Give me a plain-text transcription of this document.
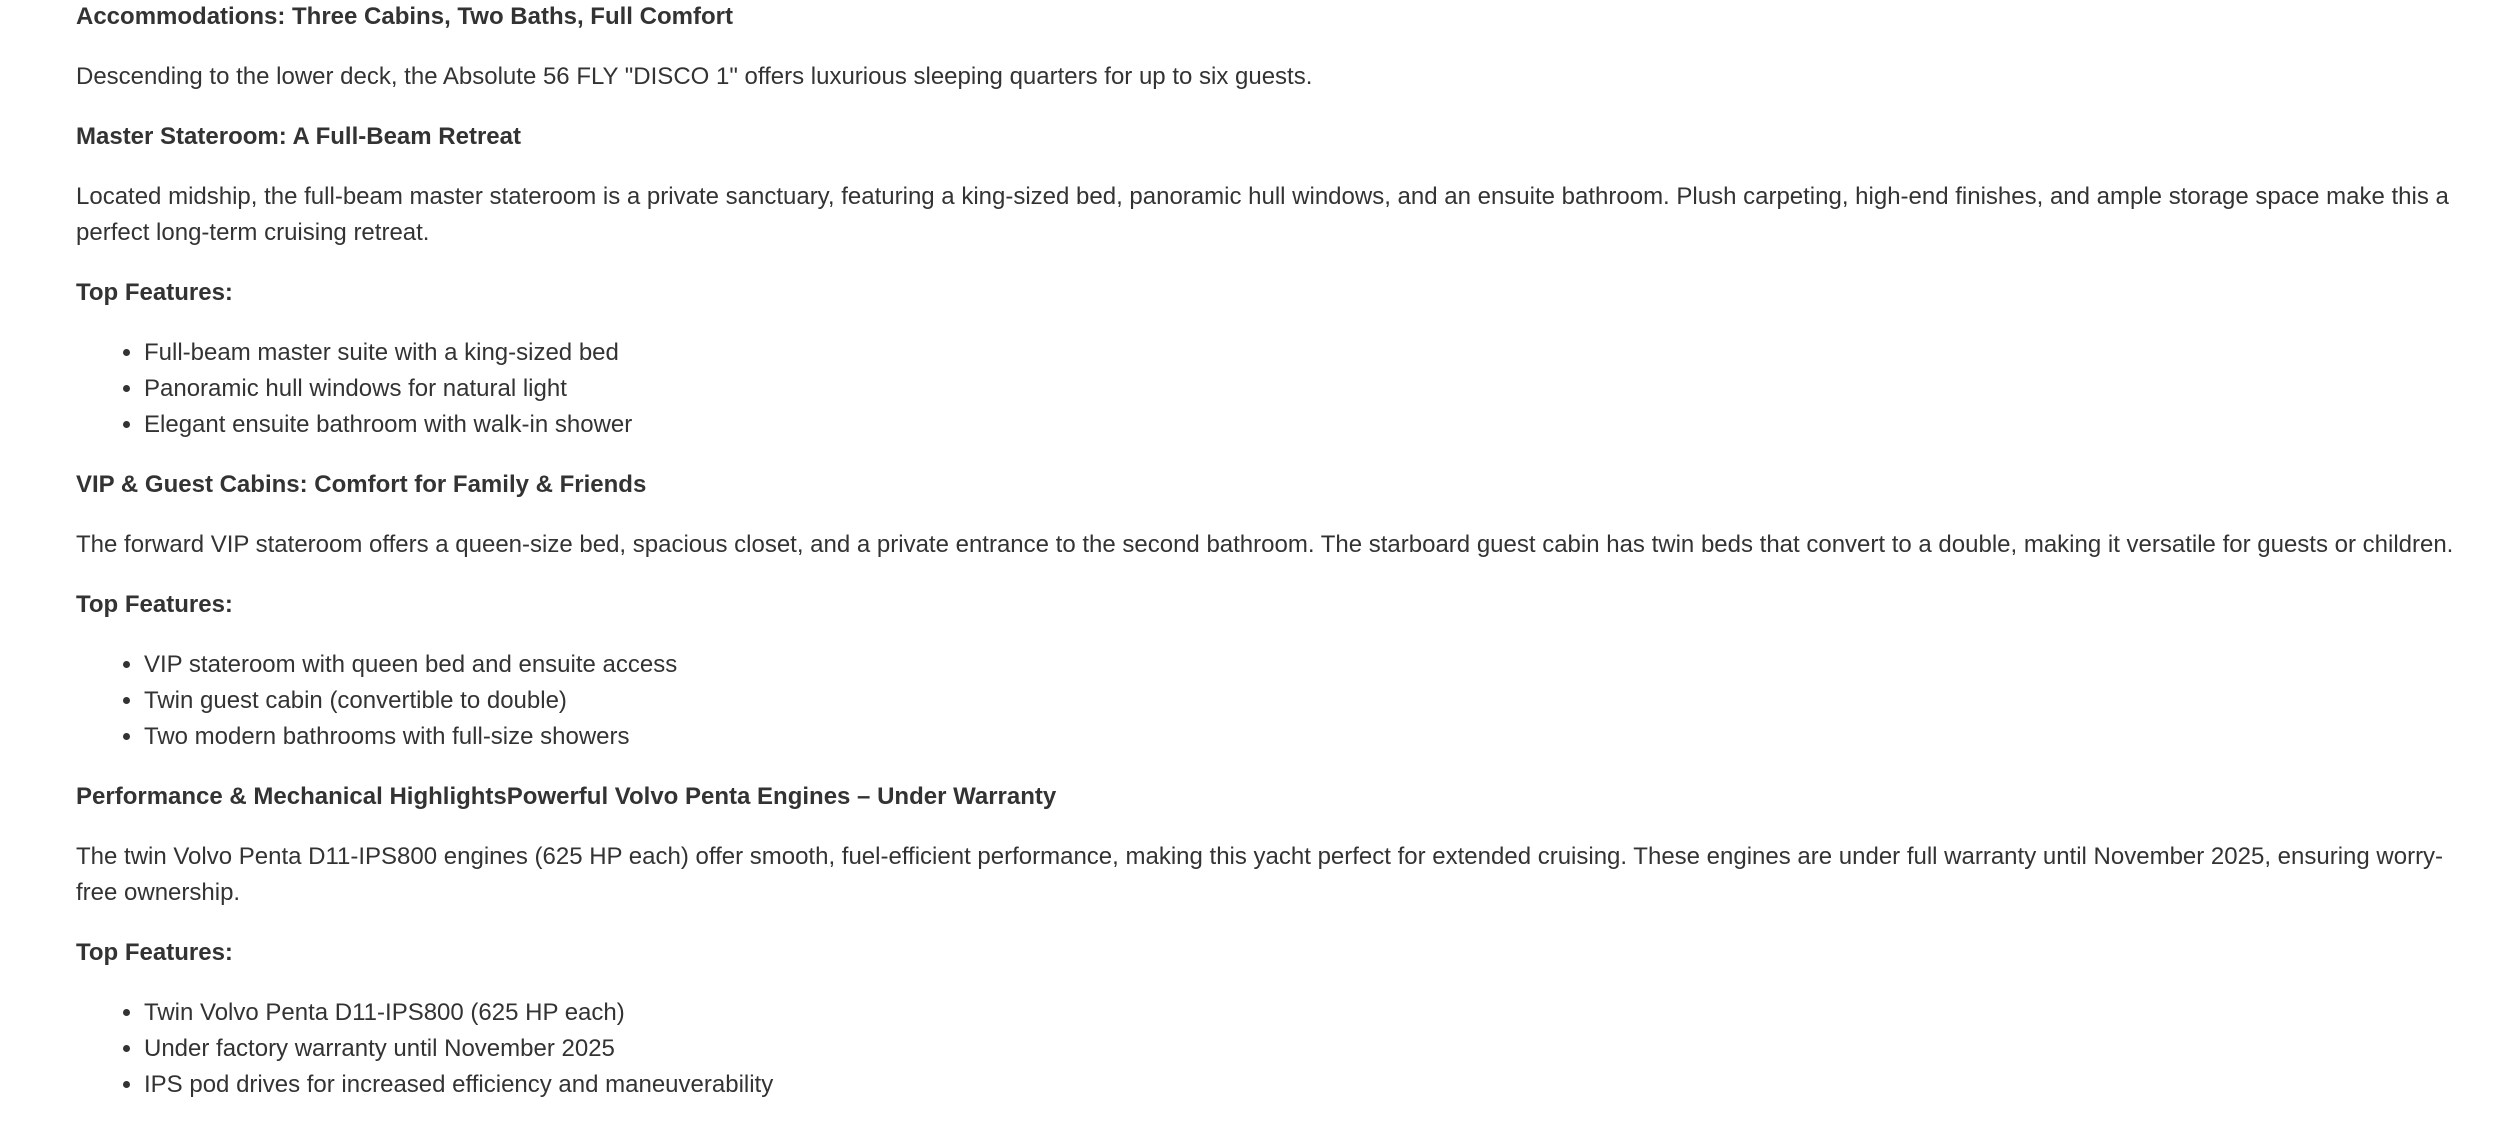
Accommodations: Three Cabins, Two Baths, Full Comfort

Descending to the lower deck, the Absolute 56 FLY "DISCO 1" offers luxurious sleeping quarters for up to six guests.

Master Stateroom: A Full-Beam Retreat

Located midship, the full-beam master stateroom is a private sanctuary, featuring a king-sized bed, panoramic hull windows, and an ensuite bathroom. Plush carpeting, high-end finishes, and ample storage space make this a perfect long-term cruising retreat.

Top Features:

• Full-beam master suite with a king-sized bed
• Panoramic hull windows for natural light
• Elegant ensuite bathroom with walk-in shower

VIP & Guest Cabins: Comfort for Family & Friends

The forward VIP stateroom offers a queen-size bed, spacious closet, and a private entrance to the second bathroom. The starboard guest cabin has twin beds that convert to a double, making it versatile for guests or children.

Top Features:

• VIP stateroom with queen bed and ensuite access
• Twin guest cabin (convertible to double)
• Two modern bathrooms with full-size showers

Performance & Mechanical HighlightsPowerful Volvo Penta Engines – Under Warranty

The twin Volvo Penta D11-IPS800 engines (625 HP each) offer smooth, fuel-efficient performance, making this yacht perfect for extended cruising. These engines are under full warranty until November 2025, ensuring worry-free ownership.

Top Features:

• Twin Volvo Penta D11-IPS800 (625 HP each)
• Under factory warranty until November 2025
• IPS pod drives for increased efficiency and maneuverability
